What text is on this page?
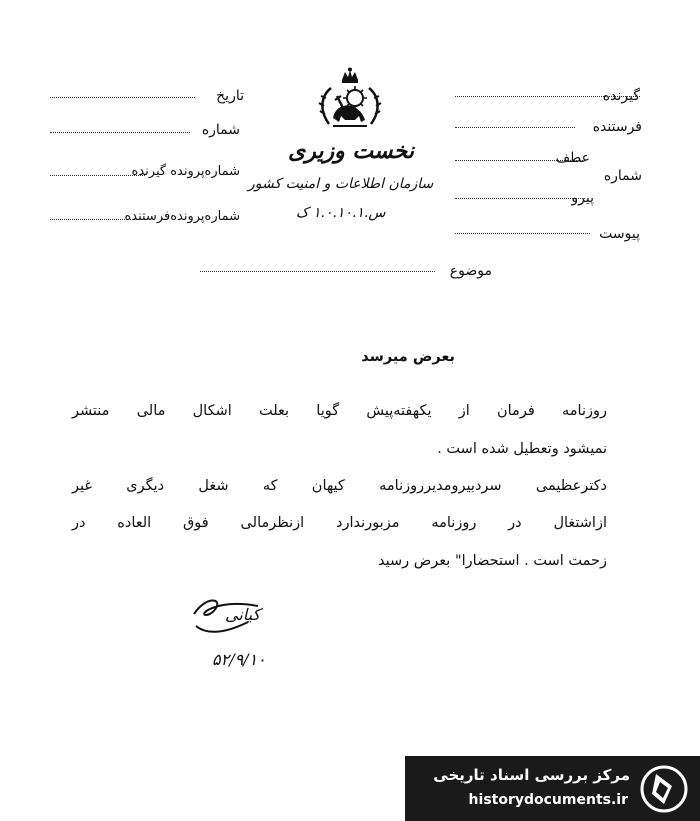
گیرنده
فرستنده
عطف
شماره
پیرو
پیوست
تاریخ
شماره
شماره‌پرونده گیرنده
شماره‌پرونده‌فرستنده
نخست وزیری
سازمان اطلاعات و امنیت کشور
س.۱.۰.۱۰.۱ ک
موضوع
بعرض میرسد
روزنامه فرمان از یکهفته‌پیش گویا بعلت اشکال مالی منتشر
نمیشود وتعطیل شده است .
دکترعظیمی سردبیرومدیرروزنامه کیهان که شغل دیگری غیر
ازاشتغال در روزنامه مزبورندارد ازنظرمالی فوق العاده در
زحمت است . استحضارا" بعرض رسید
کیانی
۵۲/۹/۱۰
مرکز بررسی اسناد تاریخی
historydocuments.ir
